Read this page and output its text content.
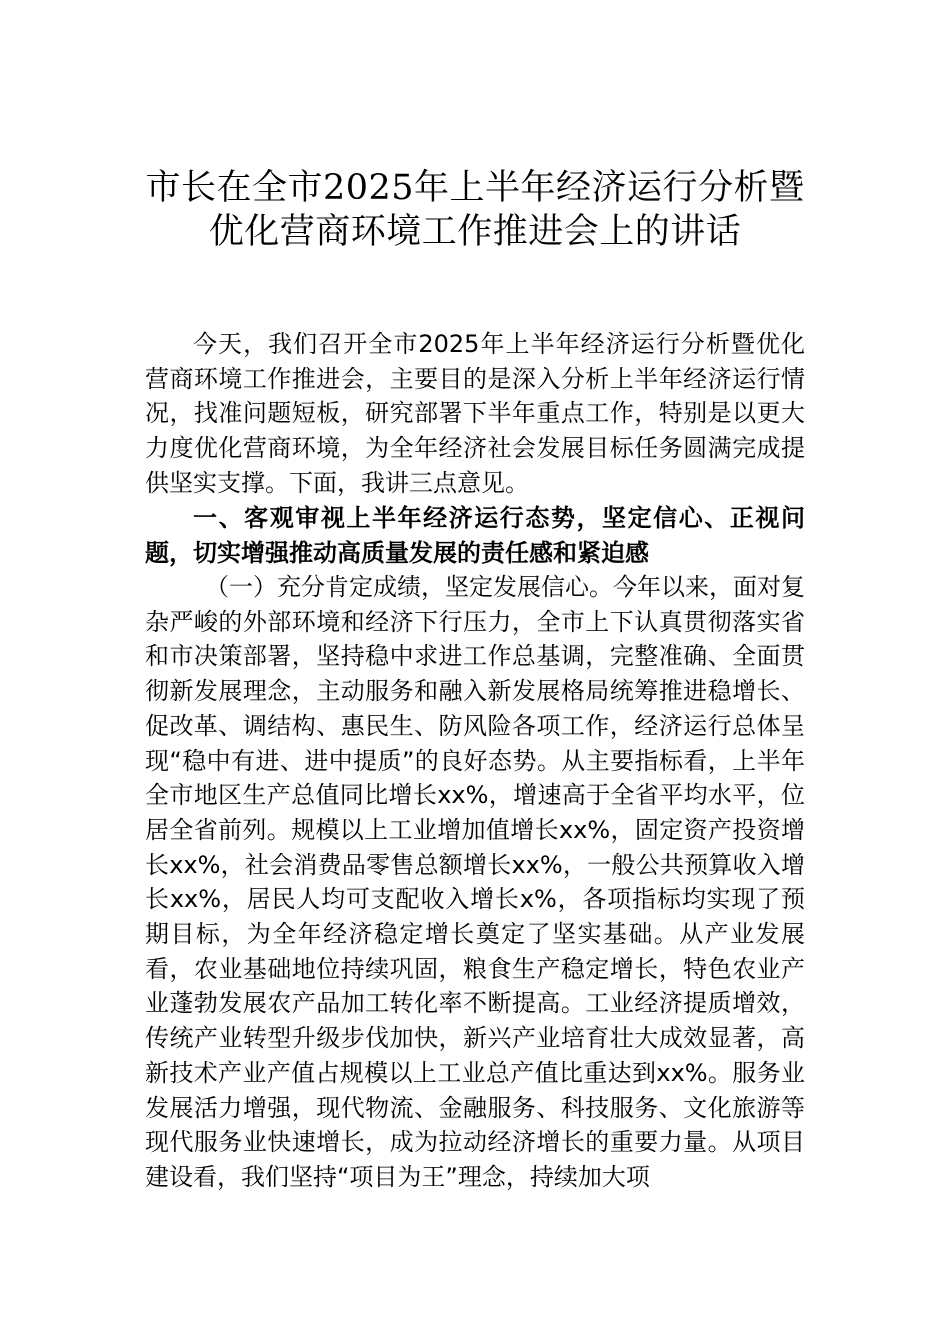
市长在全市2025年上半年经济运行分析暨
优化营商环境工作推进会上的讲话
今天，我们召开全市2025年上半年经济运行分析暨优化营商环境工作推进会，主要目的是深入分析上半年经济运行情况，找准问题短板，研究部署下半年重点工作，特别是以更大力度优化营商环境，为全年经济社会发展目标任务圆满完成提供坚实支撑。下面，我讲三点意见。
一、客观审视上半年经济运行态势，坚定信心、正视问题，切实增强推动高质量发展的责任感和紧迫感
（一）充分肯定成绩，坚定发展信心。今年以来，面对复杂严峻的外部环境和经济下行压力，全市上下认真贯彻落实省和市决策部署，坚持稳中求进工作总基调，完整准确、全面贯彻新发展理念，主动服务和融入新发展格局统筹推进稳增长、促改革、调结构、惠民生、防风险各项工作，经济运行总体呈现“稳中有进、进中提质”的良好态势。从主要指标看，上半年全市地区生产总值同比增长xx%，增速高于全省平均水平，位居全省前列。规模以上工业增加值增长xx%，固定资产投资增长xx%，社会消费品零售总额增长xx%，一般公共预算收入增长xx%，居民人均可支配收入增长x%，各项指标均实现了预期目标，为全年经济稳定增长奠定了坚实基础。从产业发展看，农业基础地位持续巩固，粮食生产稳定增长，特色农业产业蓬勃发展农产品加工转化率不断提高。工业经济提质增效，传统产业转型升级步伐加快，新兴产业培育壮大成效显著，高新技术产业产值占规模以上工业总产值比重达到xx%。服务业发展活力增强，现代物流、金融服务、科技服务、文化旅游等现代服务业快速增长，成为拉动经济增长的重要力量。从项目建设看，我们坚持“项目为王”理念，持续加大项
